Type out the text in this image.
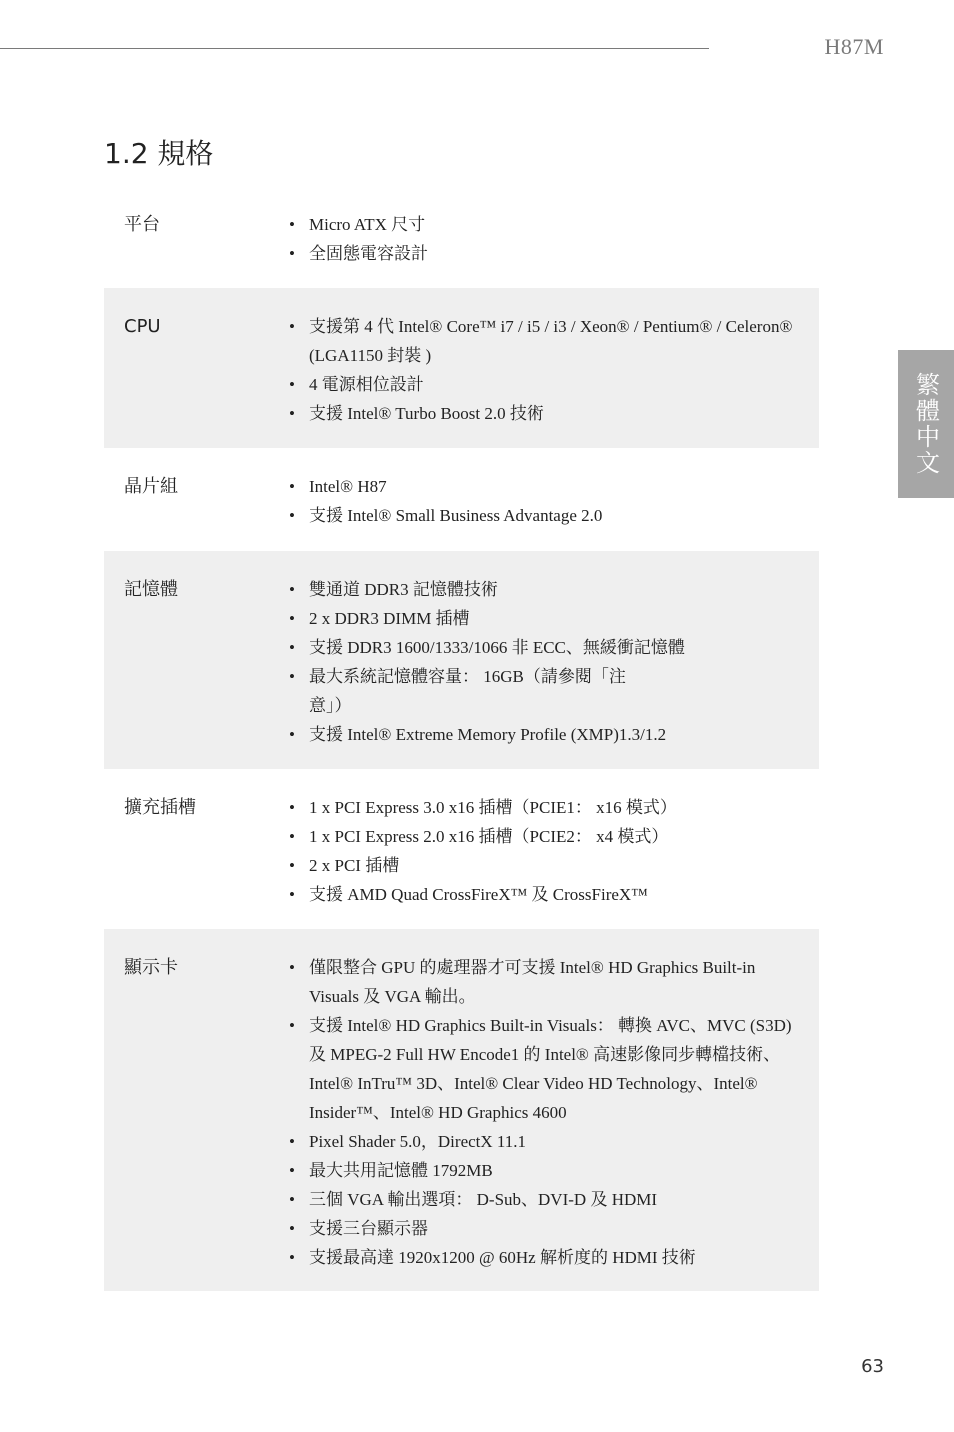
H87M
繁體中文
1.2 規格
平台	• Micro ATX 尺寸
• 全固態電容設計
CPU	• 支援第 4 代 Intel® Core™ i7 / i5 / i3 / Xeon® / Pentium® / Celeron® (LGA1150 封裝 )
• 4 電源相位設計
• 支援 Intel® Turbo Boost 2.0 技術
晶片組	• Intel® H87
• 支援 Intel® Small Business Advantage 2.0
記憶體	• 雙通道 DDR3 記憶體技術
• 2 x DDR3 DIMM 插槽
• 支援 DDR3 1600/1333/1066 非 ECC、無緩衝記憶體
• 最大系統記憶體容量： 16GB（請參閱「注意」）
• 支援 Intel® Extreme Memory Profile (XMP)1.3/1.2
擴充插槽	• 1 x PCI Express 3.0 x16 插槽（PCIE1： x16 模式）
• 1 x PCI Express 2.0 x16 插槽（PCIE2： x4 模式）
• 2 x PCI 插槽
• 支援 AMD Quad CrossFireX™ 及 CrossFireX™
顯示卡	• 僅限整合 GPU 的處理器才可支援 Intel® HD Graphics Built-in Visuals 及 VGA 輸出。
• 支援 Intel® HD Graphics Built-in Visuals： 轉換 AVC、MVC (S3D) 及 MPEG-2 Full HW Encode1 的 Intel® 高速影像同步轉檔技術、Intel® InTru™ 3D、Intel® Clear Video HD Technology、Intel® Insider™、Intel® HD Graphics 4600
• Pixel Shader 5.0，DirectX 11.1
• 最大共用記憶體 1792MB
• 三個 VGA 輸出選項： D-Sub、DVI-D 及 HDMI
• 支援三台顯示器
• 支援最高達 1920x1200 @ 60Hz 解析度的 HDMI 技術
63
